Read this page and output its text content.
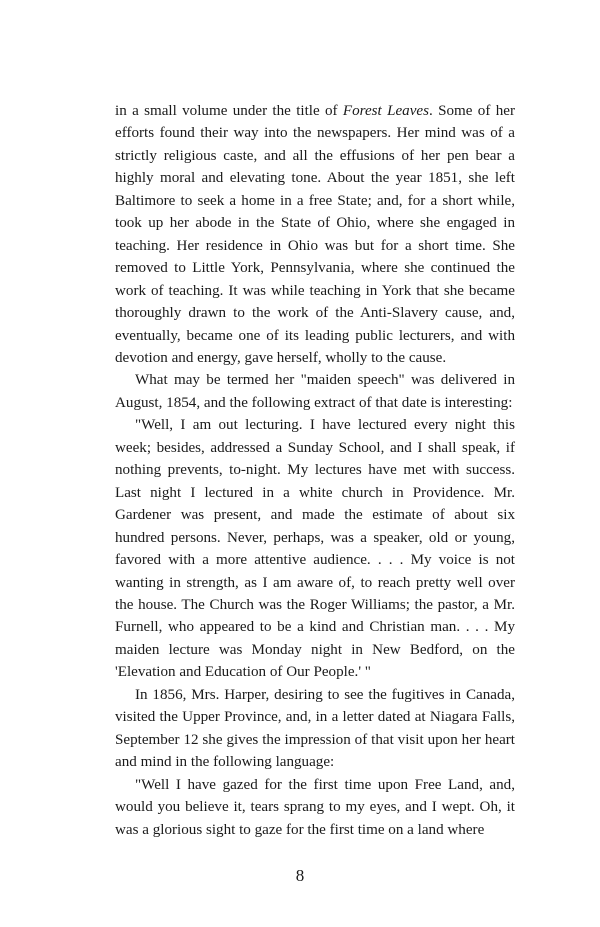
in a small volume under the title of Forest Leaves. Some of her efforts found their way into the newspapers. Her mind was of a strictly religious caste, and all the effusions of her pen bear a highly moral and elevating tone. About the year 1851, she left Baltimore to seek a home in a free State; and, for a short while, took up her abode in the State of Ohio, where she engaged in teaching. Her residence in Ohio was but for a short time. She removed to Little York, Pennsylvania, where she continued the work of teaching. It was while teaching in York that she became thoroughly drawn to the work of the Anti-Slavery cause, and, eventually, became one of its leading public lecturers, and with devotion and energy, gave herself, wholly to the cause.

What may be termed her "maiden speech" was delivered in August, 1854, and the following extract of that date is interesting:

"Well, I am out lecturing. I have lectured every night this week; besides, addressed a Sunday School, and I shall speak, if nothing prevents, to-night. My lectures have met with success. Last night I lectured in a white church in Providence. Mr. Gardener was present, and made the estimate of about six hundred persons. Never, perhaps, was a speaker, old or young, favored with a more attentive audience. . . . My voice is not wanting in strength, as I am aware of, to reach pretty well over the house. The Church was the Roger Williams; the pastor, a Mr. Furnell, who appeared to be a kind and Christian man. . . . My maiden lecture was Monday night in New Bedford, on the 'Elevation and Education of Our People.' "

In 1856, Mrs. Harper, desiring to see the fugitives in Canada, visited the Upper Province, and, in a letter dated at Niagara Falls, September 12 she gives the impression of that visit upon her heart and mind in the following language:

"Well I have gazed for the first time upon Free Land, and, would you believe it, tears sprang to my eyes, and I wept. Oh, it was a glorious sight to gaze for the first time on a land where

8
